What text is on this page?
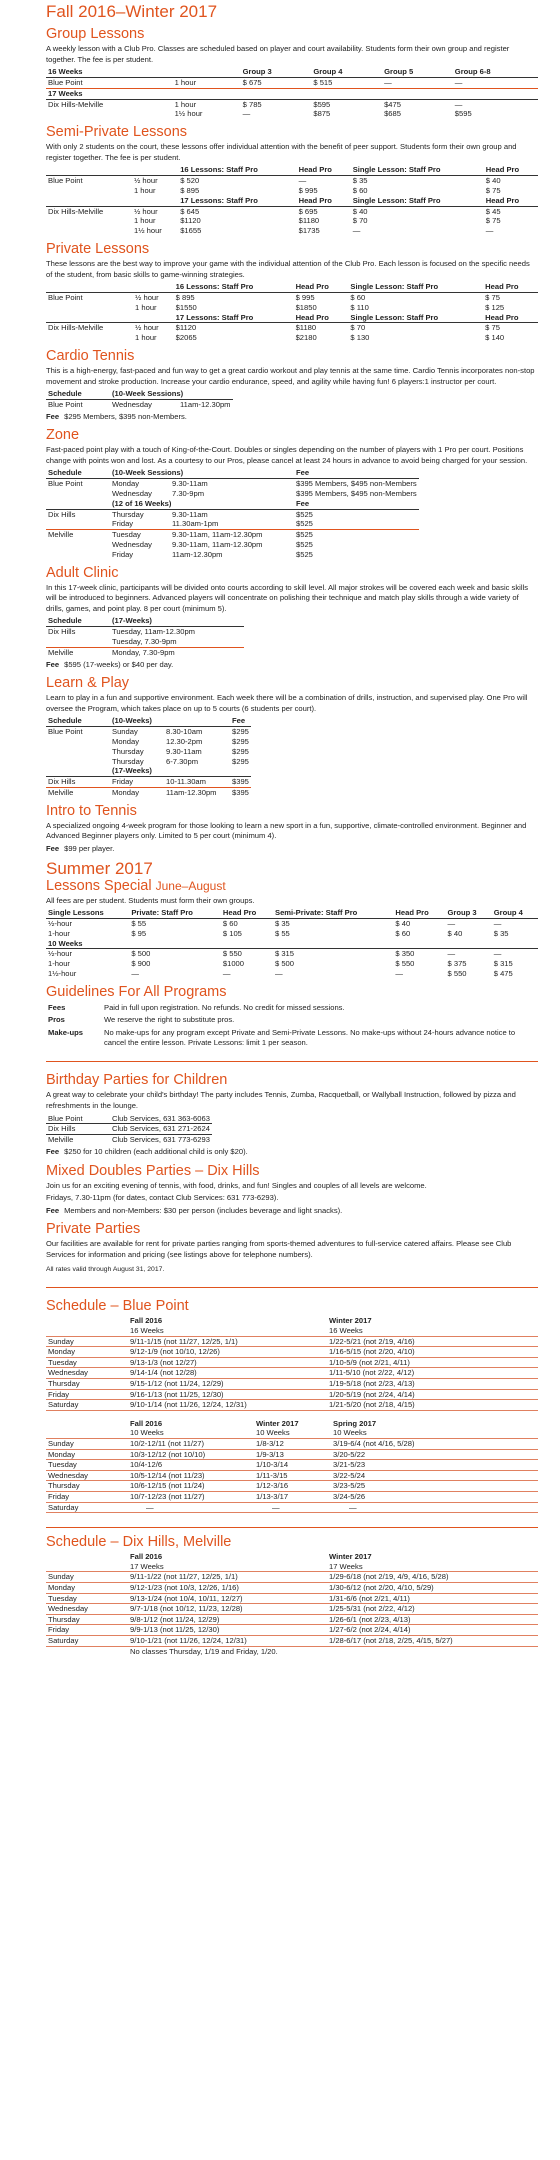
Fall 2016–Winter 2017
Group Lessons
A weekly lesson with a Club Pro. Classes are scheduled based on player and court availability. Students form their own group and register together. The fee is per student.
16 Weeks		Group 3	Group 4	Group 5	Group 6-8
Blue Point	1 hour	$ 675	$ 515	—	—
17 Weeks					
Dix Hills-Melville	1 hour	$ 785	$595	$475	—
	1½ hour	—	$875	$685	$595
Semi-Private Lessons
With only 2 students on the court, these lessons offer individual attention with the benefit of peer support. Students form their own group and register together. The fee is per student.
		16 Lessons: Staff Pro	Head Pro	Single Lesson: Staff Pro	Head Pro
Blue Point	½ hour	$ 520	—	$ 35	$ 40
	1 hour	$ 895	$ 995	$ 60	$ 75
		17 Lessons: Staff Pro	Head Pro	Single Lesson: Staff Pro	Head Pro
Dix Hills-Melville	½ hour	$ 645	$ 695	$ 40	$ 45
	1 hour	$1120	$1180	$ 70	$ 75
	1½ hour	$1655	$1735	—	—
Private Lessons
These lessons are the best way to improve your game with the individual attention of the Club Pro. Each lesson is focused on the specific needs of the student, from basic skills to game-winning strategies.
		16 Lessons: Staff Pro	Head Pro	Single Lesson: Staff Pro	Head Pro
Blue Point	½ hour	$ 895	$ 995	$ 60	$ 75
	1 hour	$1550	$1850	$ 110	$ 125
		17 Lessons: Staff Pro	Head Pro	Single Lesson: Staff Pro	Head Pro
Dix Hills-Melville	½ hour	$1120	$1180	$ 70	$ 75
	1 hour	$2065	$2180	$ 130	$ 140
Cardio Tennis
This is a high-energy, fast-paced and fun way to get a great cardio workout and play tennis at the same time. Cardio Tennis incorporates non-stop movement and stroke production. Increase your cardio endurance, speed, and agility while having fun! 6 players:1 instructor per court.
Schedule	(10-Week Sessions)	
Blue Point	Wednesday	11am-12.30pm
Fee $295 Members, $395 non-Members.
Zone
Fast-paced point play with a touch of King-of-the-Court. Doubles or singles depending on the number of players with 1 Pro per court. Positions change with points won and lost. As a courtesy to our Pros, please cancel at least 24 hours in advance to avoid being charged for your session.
Schedule	(10-Week Sessions)		Fee
Blue Point	Monday	9.30-11am	$395 Members, $495 non-Members
	Wednesday	7.30-9pm	$395 Members, $495 non-Members
	(12 of 16 Weeks)		Fee
Dix Hills	Thursday	9.30-11am	$525
	Friday	11.30am-1pm	$525
Melville	Tuesday	9.30-11am, 11am-12.30pm	$525
	Wednesday	9.30-11am, 11am-12.30pm	$525
	Friday	11am-12.30pm	$525
Adult Clinic
In this 17-week clinic, participants will be divided onto courts according to skill level. All major strokes will be covered each week and basic skills will be introduced to beginners. Advanced players will concentrate on polishing their technique and match play skills through a wide variety of drills, games, and point play. 8 per court (minimum 5).
Schedule	(17-Weeks)
Dix Hills	Tuesday, 11am-12.30pm
	Tuesday, 7.30-9pm
Melville	Monday, 7.30-9pm
Fee $595 (17-weeks) or $40 per day.
Learn & Play
Learn to play in a fun and supportive environment. Each week there will be a combination of drills, instruction, and supervised play. One Pro will oversee the Program, which takes place on up to 5 courts (6 students per court).
Schedule	(10-Weeks)		Fee
Blue Point	Sunday	8.30-10am	$295
	Monday	12.30-2pm	$295
	Thursday	9.30-11am	$295
	Thursday	6-7.30pm	$295
	(17-Weeks)		
Dix Hills	Friday	10-11.30am	$395
Melville	Monday	11am-12.30pm	$395
Intro to Tennis
A specialized ongoing 4-week program for those looking to learn a new sport in a fun, supportive, climate-controlled environment. Beginner and Advanced Beginner players only. Limited to 5 per court (minimum 4).
Fee $99 per player.
Summer 2017
Lessons Special June–August
All fees are per student. Students must form their own groups.
Single Lessons	Private: Staff Pro	Head Pro	Semi-Private: Staff Pro	Head Pro	Group 3	Group 4
½-hour	$ 55	$ 60	$ 35	$ 40	—	—
1-hour	$ 95	$ 105	$ 55	$ 60	$ 40	$ 35
10 Weeks						
½-hour	$ 500	$ 550	$ 315	$ 350	—	—
1-hour	$ 900	$1000	$ 500	$ 550	$ 375	$ 315
1½-hour	—	—	—	—	$ 550	$ 475
Guidelines For All Programs
Fees	Paid in full upon registration. No refunds. No credit for missed sessions.
Pros	We reserve the right to substitute pros.
Make-ups	No make-ups for any program except Private and Semi-Private Lessons. No make-ups without 24-hours advance notice to cancel the entire lesson. Private Lessons: limit 1 per season.
Birthday Parties for Children
A great way to celebrate your child's birthday! The party includes Tennis, Zumba, Racquetball, or Wallyball Instruction, followed by pizza and refreshments in the lounge.
Blue Point	Club Services, 631 363-6063
Dix Hills	Club Services, 631 271-2624
Melville	Club Services, 631 773-6293
Fee $250 for 10 children (each additional child is only $20).
Mixed Doubles Parties – Dix Hills
Join us for an exciting evening of tennis, with food, drinks, and fun! Singles and couples of all levels are welcome.
Fridays, 7.30-11pm (for dates, contact Club Services: 631 773-6293).
Fee Members and non-Members: $30 per person (includes beverage and light snacks).
Private Parties
Our facilities are available for rent for private parties ranging from sports-themed adventures to full-service catered affairs. Please see Club Services for information and pricing (see listings above for telephone numbers).
All rates valid through August 31, 2017.
Schedule – Blue Point
	Fall 2016	Winter 2017
	16 Weeks	16 Weeks
Sunday	9/11-1/15 (not 11/27, 12/25, 1/1)	1/22-5/21 (not 2/19, 4/16)
Monday	9/12-1/9 (not 10/10, 12/26)	1/16-5/15 (not 2/20, 4/10)
Tuesday	9/13-1/3 (not 12/27)	1/10-5/9 (not 2/21, 4/11)
Wednesday	9/14-1/4 (not 12/28)	1/11-5/10 (not 2/22, 4/12)
Thursday	9/15-1/12 (not 11/24, 12/29)	1/19-5/18 (not 2/23, 4/13)
Friday	9/16-1/13 (not 11/25, 12/30)	1/20-5/19 (not 2/24, 4/14)
Saturday	9/10-1/14 (not 11/26, 12/24, 12/31)	1/21-5/20 (not 2/18, 4/15)
	Fall 2016	Winter 2017	Spring 2017
	10 Weeks	10 Weeks	10 Weeks
Sunday	10/2-12/11 (not 11/27)	1/8-3/12	3/19-6/4 (not 4/16, 5/28)
Monday	10/3-12/12 (not 10/10)	1/9-3/13	3/20-5/22
Tuesday	10/4-12/6	1/10-3/14	3/21-5/23
Wednesday	10/5-12/14 (not 11/23)	1/11-3/15	3/22-5/24
Thursday	10/6-12/15 (not 11/24)	1/12-3/16	3/23-5/25
Friday	10/7-12/23 (not 11/27)	1/13-3/17	3/24-5/26
Saturday	—	—	—
Schedule – Dix Hills, Melville
	Fall 2016	Winter 2017
	17 Weeks	17 Weeks
Sunday	9/11-1/22 (not 11/27, 12/25, 1/1)	1/29-6/18 (not 2/19, 4/9, 4/16, 5/28)
Monday	9/12-1/23 (not 10/3, 12/26, 1/16)	1/30-6/12 (not 2/20, 4/10, 5/29)
Tuesday	9/13-1/24 (not 10/4, 10/11, 12/27)	1/31-6/6 (not 2/21, 4/11)
Wednesday	9/7-1/18 (not 10/12, 11/23, 12/28)	1/25-5/31 (not 2/22, 4/12)
Thursday	9/8-1/12 (not 11/24, 12/29)	1/26-6/1 (not 2/23, 4/13)
Friday	9/9-1/13 (not 11/25, 12/30)	1/27-6/2 (not 2/24, 4/14)
Saturday	9/10-1/21 (not 11/26, 12/24, 12/31)	1/28-6/17 (not 2/18, 2/25, 4/15, 5/27)
	No classes Thursday, 1/19 and Friday, 1/20.	
